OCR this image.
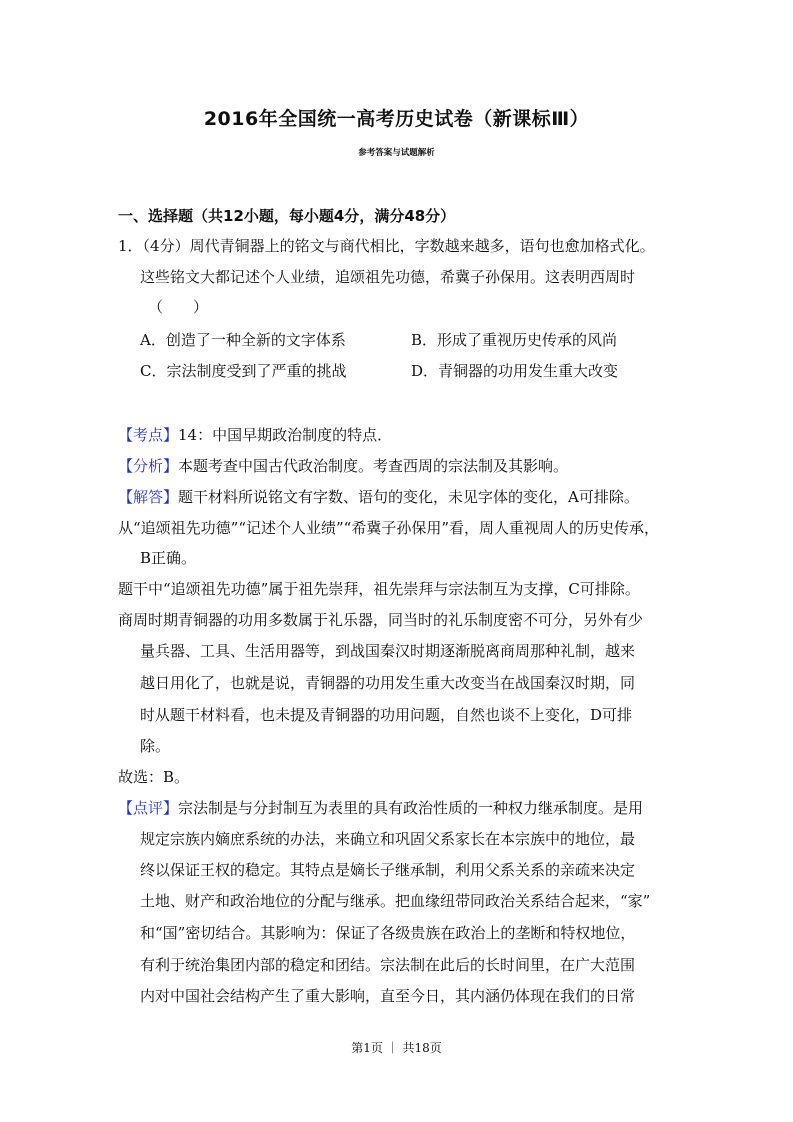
2016年全国统一高考历史试卷（新课标Ⅲ）
参考答案与试题解析
一、选择题（共12小题，每小题4分，满分48分）
1．（4分）周代青铜器上的铭文与商代相比，字数越来越多，语句也愈加格式化。
这些铭文大都记述个人业绩，追颂祖先功德，希冀子孙保用。这表明西周时
（　　）
A．创造了一种全新的文字体系	B．形成了重视历史传承的风尚
C．宗法制度受到了严重的挑战	D．青铜器的功用发生重大改变
【考点】14：中国早期政治制度的特点．
【分析】本题考查中国古代政治制度。考查西周的宗法制及其影响。
【解答】题干材料所说铭文有字数、语句的变化，未见字体的变化，A可排除。
从“追颂祖先功德”“记述个人业绩”“希冀子孙保用”看，周人重视周人的历史传承，
B正确。
题干中“追颂祖先功德”属于祖先崇拜，祖先崇拜与宗法制互为支撑，C可排除。
商周时期青铜器的功用多数属于礼乐器，同当时的礼乐制度密不可分，另外有少
量兵器、工具、生活用器等，到战国秦汉时期逐渐脱离商周那种礼制，越来
越日用化了，也就是说，青铜器的功用发生重大改变当在战国秦汉时期，同
时从题干材料看，也未提及青铜器的功用问题，自然也谈不上变化，D可排
除。
故选：B。
【点评】宗法制是与分封制互为表里的具有政治性质的一种权力继承制度。是用
规定宗族内嫡庶系统的办法，来确立和巩固父系家长在本宗族中的地位，最
终以保证王权的稳定。其特点是嫡长子继承制，利用父系关系的亲疏来决定
土地、财产和政治地位的分配与继承。把血缘纽带同政治关系结合起来，“家”
和“国”密切结合。其影响为：保证了各级贵族在政治上的垄断和特权地位，
有利于统治集团内部的稳定和团结。宗法制在此后的长时间里，在广大范围
内对中国社会结构产生了重大影响，直至今日，其内涵仍体现在我们的日常
第1页 ｜ 共18页
